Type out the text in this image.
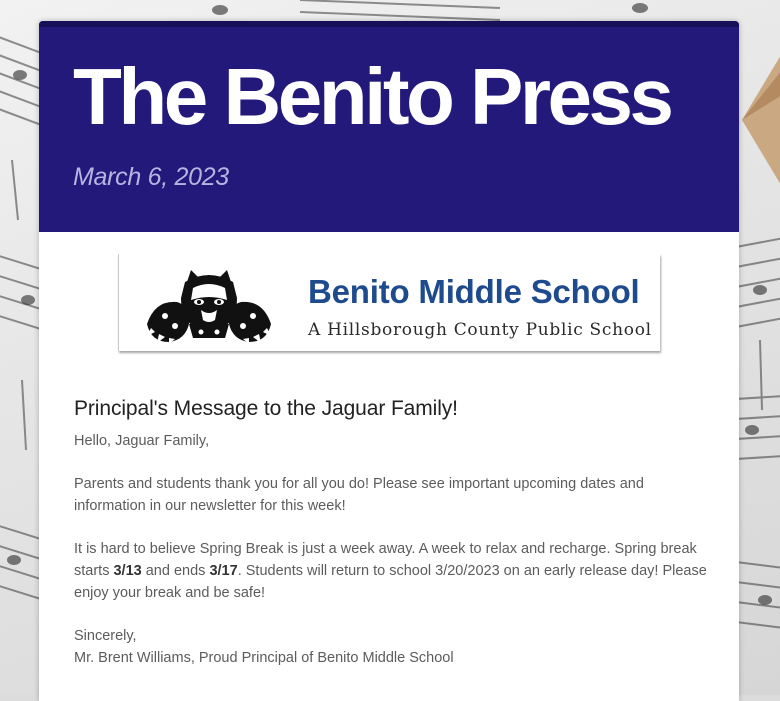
The Benito Press
March 6, 2023
Benito Middle School
A Hillsborough County Public School
Principal's Message to the Jaguar Family!

Hello, Jaguar Family,

Parents and students thank you for all you do! Please see important upcoming dates and information in our newsletter for this week!

It is hard to believe Spring Break is just a week away. A week to relax and recharge. Spring break starts 3/13 and ends 3/17. Students will return to school 3/20/2023 on an early release day! Please enjoy your break and be safe!

Sincerely,

Mr. Brent Williams, Proud Principal of Benito Middle School
